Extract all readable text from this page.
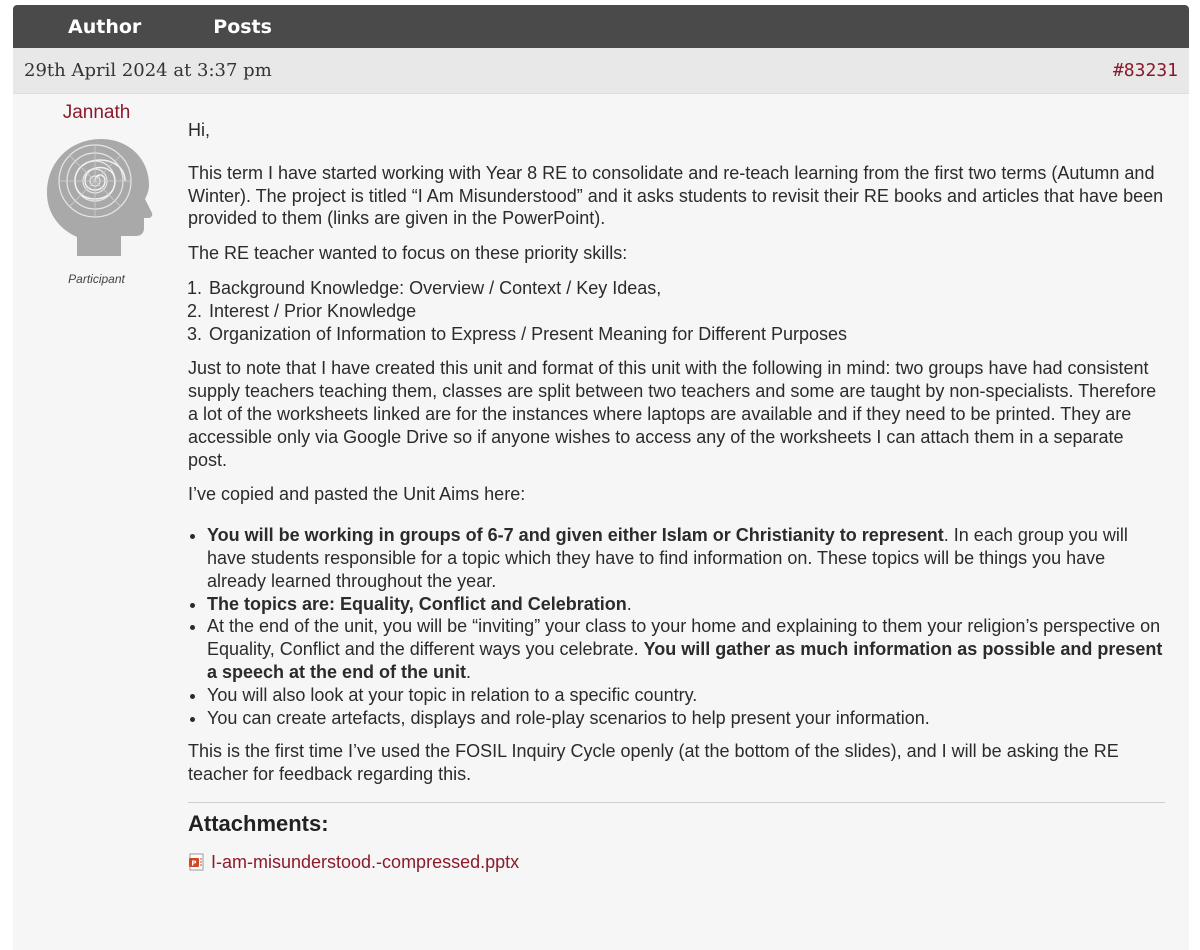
Author	Posts
29th April 2024 at 3:37 pm	#83231
Jannath
Participant

Hi,

This term I have started working with Year 8 RE to consolidate and re-teach learning from the first two terms (Autumn and Winter). The project is titled “I Am Misunderstood” and it asks students to revisit their RE books and articles that have been provided to them (links are given in the PowerPoint).

The RE teacher wanted to focus on these priority skills:

1. Background Knowledge: Overview / Context / Key Ideas,
2. Interest / Prior Knowledge
3. Organization of Information to Express / Present Meaning for Different Purposes

Just to note that I have created this unit and format of this unit with the following in mind: two groups have had consistent supply teachers teaching them, classes are split between two teachers and some are taught by non-specialists. Therefore a lot of the worksheets linked are for the instances where laptops are available and if they need to be printed. They are accessible only via Google Drive so if anyone wishes to access any of the worksheets I can attach them in a separate post.

I’ve copied and pasted the Unit Aims here:

• You will be working in groups of 6-7 and given either Islam or Christianity to represent. In each group you will have students responsible for a topic which they have to find information on. These topics will be things you have already learned throughout the year.
• The topics are: Equality, Conflict and Celebration.
• At the end of the unit, you will be “inviting” your class to your home and explaining to them your religion’s perspective on Equality, Conflict and the different ways you celebrate. You will gather as much information as possible and present a speech at the end of the unit.
• You will also look at your topic in relation to a specific country.
• You can create artefacts, displays and role-play scenarios to help present your information.

This is the first time I’ve used the FOSIL Inquiry Cycle openly (at the bottom of the slides), and I will be asking the RE teacher for feedback regarding this.

Attachments:
P I-am-misunderstood.-compressed.pptx
